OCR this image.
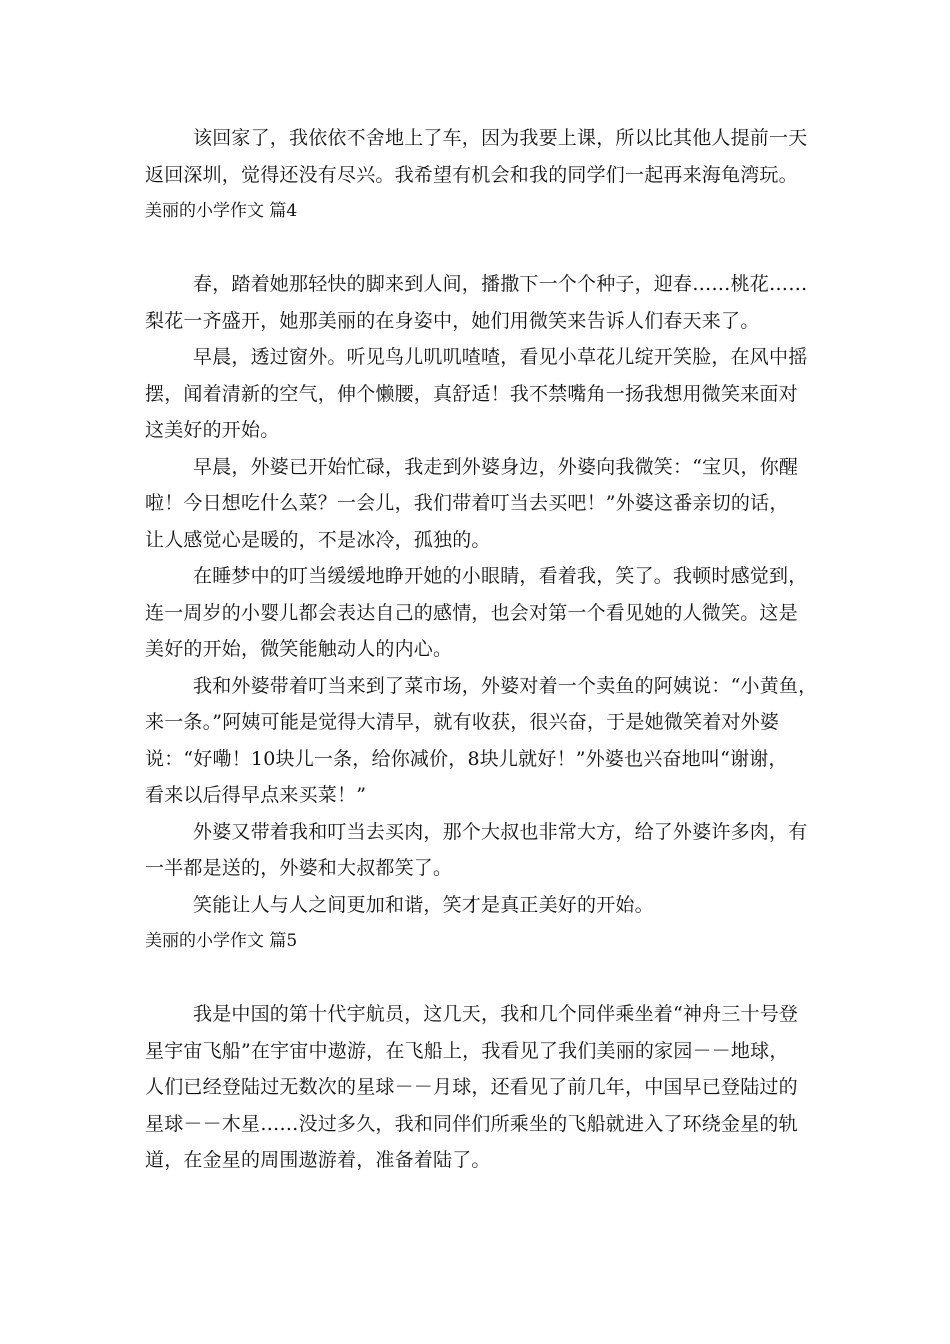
该回家了，我依依不舍地上了车，因为我要上课，所以比其他人提前一天
返回深圳，觉得还没有尽兴。我希望有机会和我的同学们一起再来海龟湾玩。
美丽的小学作文 篇4
春，踏着她那轻快的脚来到人间，播撒下一个个种子，迎春……桃花……
梨花一齐盛开，她那美丽的在身姿中，她们用微笑来告诉人们春天来了。
早晨，透过窗外。听见鸟儿叽叽喳喳，看见小草花儿绽开笑脸，在风中摇
摆，闻着清新的空气，伸个懒腰，真舒适！我不禁嘴角一扬我想用微笑来面对
这美好的开始。
早晨，外婆已开始忙碌，我走到外婆身边，外婆向我微笑：“宝贝，你醒
啦！今日想吃什么菜？一会儿，我们带着叮当去买吧！”外婆这番亲切的话，
让人感觉心是暖的，不是冰冷，孤独的。
在睡梦中的叮当缓缓地睁开她的小眼睛，看着我，笑了。我顿时感觉到，
连一周岁的小婴儿都会表达自己的感情，也会对第一个看见她的人微笑。这是
美好的开始，微笑能触动人的内心。
我和外婆带着叮当来到了菜市场，外婆对着一个卖鱼的阿姨说：“小黄鱼，
来一条。”阿姨可能是觉得大清早，就有收获，很兴奋，于是她微笑着对外婆
说：“好嘞！10块儿一条，给你减价，8块儿就好！”外婆也兴奋地叫“谢谢，
看来以后得早点来买菜！”
外婆又带着我和叮当去买肉，那个大叔也非常大方，给了外婆许多肉，有
一半都是送的，外婆和大叔都笑了。
笑能让人与人之间更加和谐，笑才是真正美好的开始。
美丽的小学作文 篇5
我是中国的第十代宇航员，这几天，我和几个同伴乘坐着“神舟三十号登
星宇宙飞船”在宇宙中遨游，在飞船上，我看见了我们美丽的家园－－地球，
人们已经登陆过无数次的星球－－月球，还看见了前几年，中国早已登陆过的
星球－－木星……没过多久，我和同伴们所乘坐的飞船就进入了环绕金星的轨
道，在金星的周围遨游着，准备着陆了。
